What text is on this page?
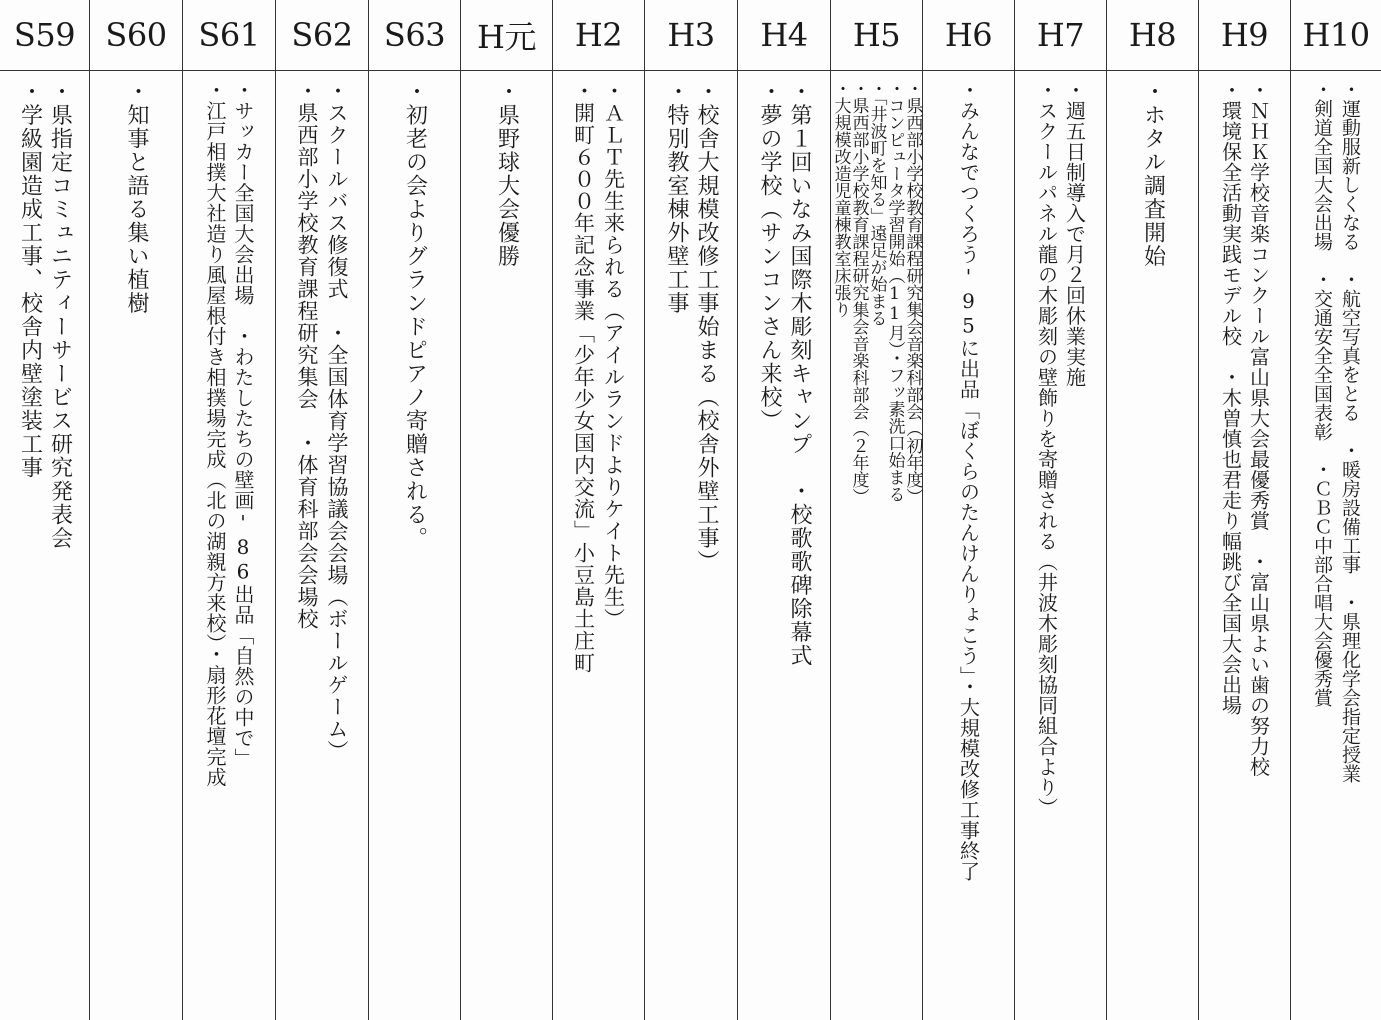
S59
・県指定コミュニティーサービス研究発表会
・学級園造成工事、校舎内壁塗装工事
S60
・知事と語る集い植樹
S61
・サッカー全国大会出場　・わたしたちの壁画'86出品「自然の中で」
・江戸相撲大社造り風屋根付き相撲場完成（北の湖親方来校）・扇形花壇完成
S62
・スクールバス修復式　・全国体育学習協議会会場（ボールゲーム）
・県西部小学校教育課程研究集会　・体育科部会会場校
S63
・初老の会よりグランドピアノ寄贈される。
H元
・県野球大会優勝
H2
・ＡＬＴ先生来られる（アイルランドよりケイト先生）
・開町６００年記念事業「少年少女国内交流」小豆島土庄町
H3
・校舎大規模改修工事始まる（校舎外壁工事）
・特別教室棟外壁工事
H4
・第１回いなみ国際木彫刻キャンプ　・校歌歌碑除幕式
・夢の学校（サンコンさん来校）
H5
・県西部小学校教育課程研究集会音楽科部会（初年度）
・コンピュータ学習開始（11月）・フッ素洗口始まる
・「井波町を知る」遠足が始まる
・県西部小学校教育課程研究集会音楽科部会（２年度）
・大規模改造児童棟教室床張り
H6
・みんなでつくろう'95に出品「ぼくらのたんけんりょこう」・大規模改修工事終了
H7
・週五日制導入で月２回休業実施
・スクールパネル龍の木彫刻の壁飾りを寄贈される（井波木彫刻協同組合より）
H8
・ホタル調査開始
H9
・ＮＨＫ学校音楽コンクール富山県大会最優秀賞　・富山県よい歯の努力校
・環境保全活動実践モデル校　・木曽慎也君走り幅跳び全国大会出場
H10
・運動服新しくなる　・航空写真をとる　・暖房設備工事　・県理化学会指定授業
・剣道全国大会出場　・交通安全全国表彰　・ＣＢＣ中部合唱大会優秀賞
